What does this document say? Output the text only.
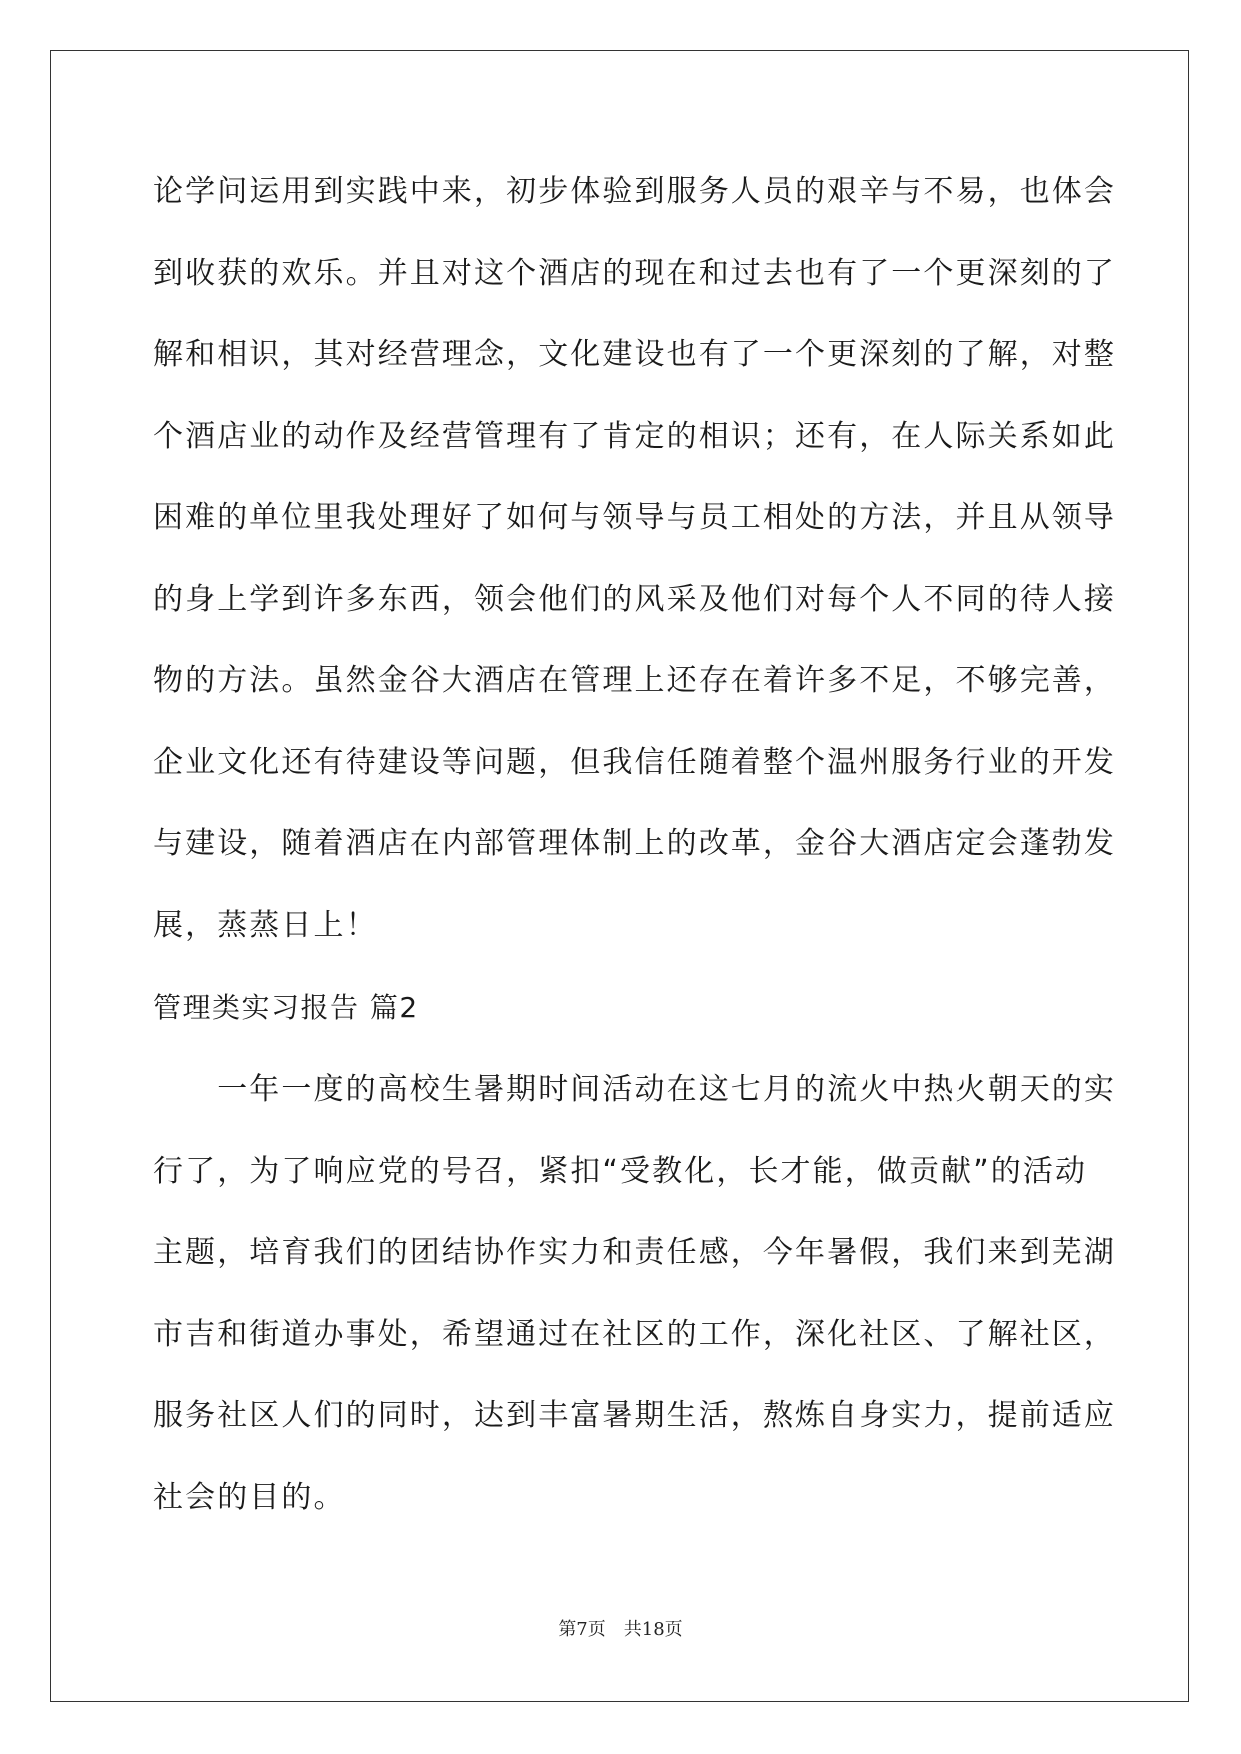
论学问运用到实践中来，初步体验到服务人员的艰辛与不易，也体会
到收获的欢乐。并且对这个酒店的现在和过去也有了一个更深刻的了
解和相识，其对经营理念，文化建设也有了一个更深刻的了解，对整
个酒店业的动作及经营管理有了肯定的相识；还有，在人际关系如此
困难的单位里我处理好了如何与领导与员工相处的方法，并且从领导
的身上学到许多东西，领会他们的风采及他们对每个人不同的待人接
物的方法。虽然金谷大酒店在管理上还存在着许多不足，不够完善，
企业文化还有待建设等问题，但我信任随着整个温州服务行业的开发
与建设，随着酒店在内部管理体制上的改革，金谷大酒店定会蓬勃发
展，蒸蒸日上！
管理类实习报告 篇2
　　一年一度的高校生暑期时间活动在这七月的流火中热火朝天的实
行了，为了响应党的号召，紧扣“受教化，长才能，做贡献”的活动
主题，培育我们的团结协作实力和责任感，今年暑假，我们来到芜湖
市吉和街道办事处，希望通过在社区的工作，深化社区、了解社区，
服务社区人们的同时，达到丰富暑期生活，熬炼自身实力，提前适应
社会的目的。
第7页 共18页
